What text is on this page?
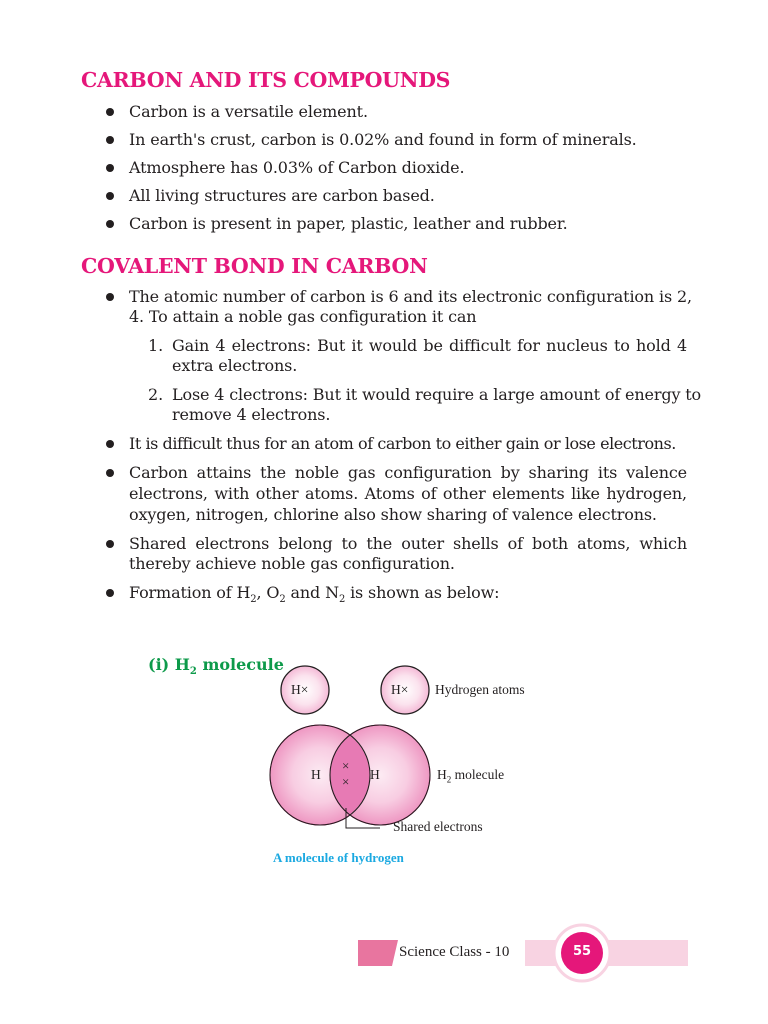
CARBON AND ITS COMPOUNDS
Carbon is a versatile element.
In earth's crust, carbon is 0.02% and found in form of minerals.
Atmosphere has 0.03% of Carbon dioxide.
All living structures are carbon based.
Carbon is present in paper, plastic, leather and rubber.
COVALENT BOND IN CARBON
The atomic number of carbon is 6 and its electronic configuration is 2,
4. To attain a noble gas configuration it can
1. Gain 4 electrons: But it would be difficult for nucleus to hold 4
extra electrons.
2. Lose 4 clectrons: But it would require a large amount of energy to
remove 4 electrons.
It is difficult thus for an atom of carbon to either gain or lose electrons.
Carbon attains the noble gas configuration by sharing its valence
electrons, with other atoms. Atoms of other elements like hydrogen,
oxygen, nitrogen, chlorine also show sharing of valence electrons.
Shared electrons belong to the outer shells of both atoms, which
thereby achieve noble gas configuration.
Formation of $H_2$, $O_2$ and $N_2$ is shown as below:
(i) $H_2$ molecule
H×	H× Hydrogen atoms
H	H
×
×	$H_2$ molecule
Shared electrons
A molecule of hydrogen
Science Class - 10	55
